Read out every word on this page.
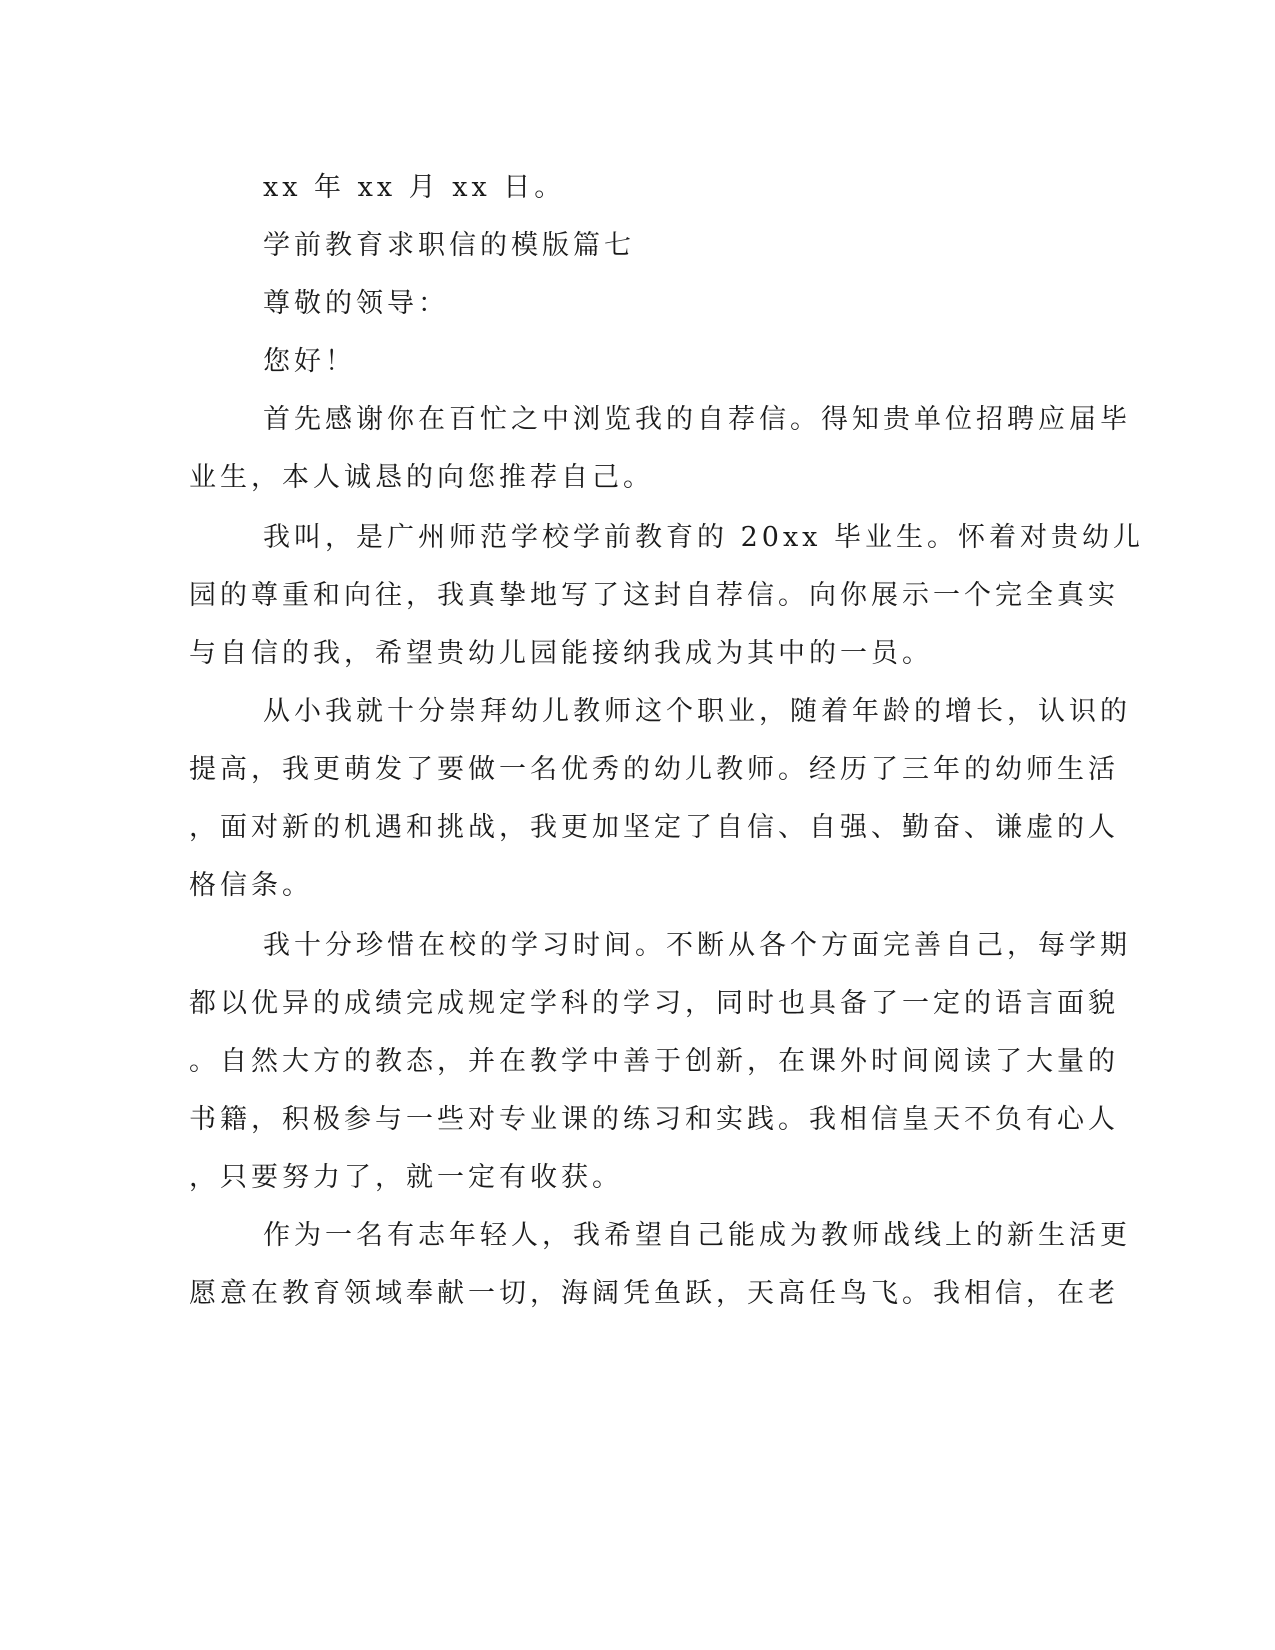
xx 年 xx 月 xx 日。
学前教育求职信的模版篇七
尊敬的领导：
您好！
首先感谢你在百忙之中浏览我的自荐信。得知贵单位招聘应届毕
业生，本人诚恳的向您推荐自己。
我叫，是广州师范学校学前教育的 20xx 毕业生。怀着对贵幼儿
园的尊重和向往，我真挚地写了这封自荐信。向你展示一个完全真实
与自信的我，希望贵幼儿园能接纳我成为其中的一员。
从小我就十分崇拜幼儿教师这个职业，随着年龄的增长，认识的
提高，我更萌发了要做一名优秀的幼儿教师。经历了三年的幼师生活
，面对新的机遇和挑战，我更加坚定了自信、自强、勤奋、谦虚的人
格信条。
我十分珍惜在校的学习时间。不断从各个方面完善自己，每学期
都以优异的成绩完成规定学科的学习，同时也具备了一定的语言面貌
。自然大方的教态，并在教学中善于创新，在课外时间阅读了大量的
书籍，积极参与一些对专业课的练习和实践。我相信皇天不负有心人
，只要努力了，就一定有收获。
作为一名有志年轻人，我希望自己能成为教师战线上的新生活更
愿意在教育领域奉献一切，海阔凭鱼跃，天高任鸟飞。我相信，在老
